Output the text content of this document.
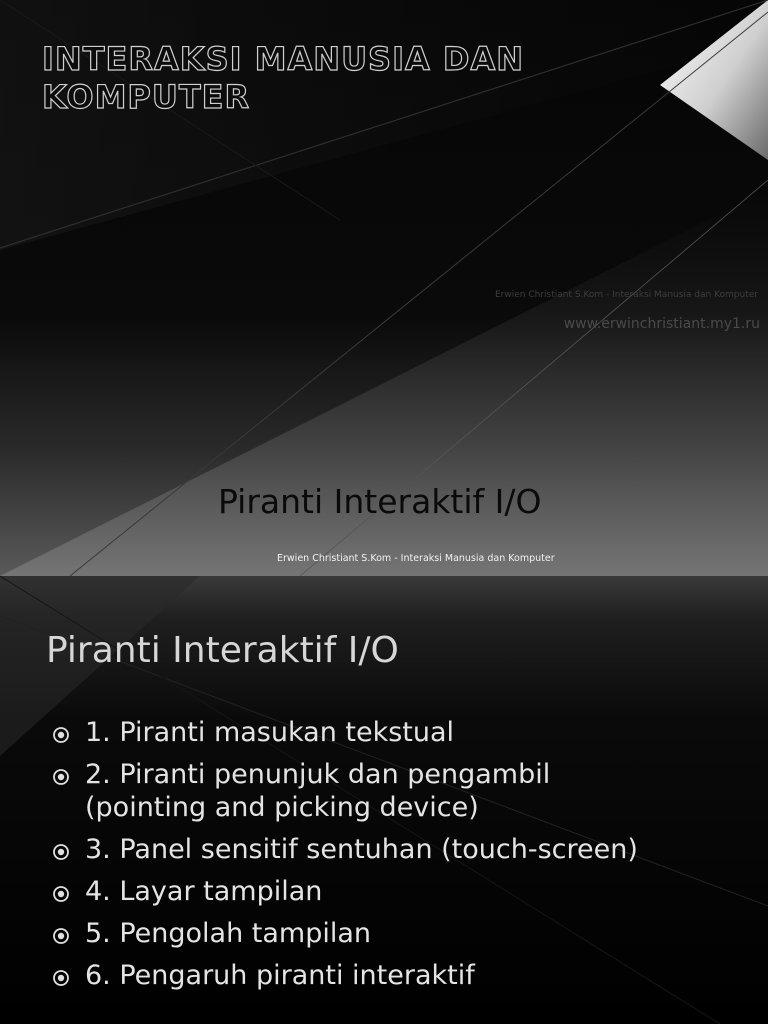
INTERAKSI MANUSIA DAN KOMPUTER
Erwien Christiant S.Kom - Interaksi Manusia dan Komputer
www.erwinchristiant.my1.ru
Piranti Interaktif I/O
Erwien Christiant S.Kom - Interaksi Manusia dan Komputer
Piranti Interaktif I/O
1. Piranti masukan tekstual
2. Piranti penunjuk dan pengambil (pointing and picking device)
3. Panel sensitif sentuhan (touch-screen)
4. Layar tampilan
5. Pengolah tampilan
6. Pengaruh piranti interaktif
